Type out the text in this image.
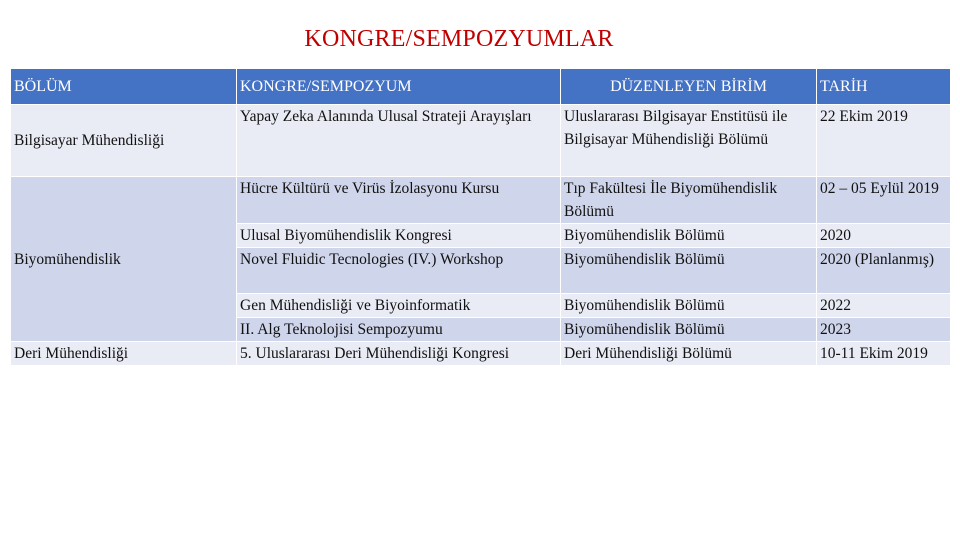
KONGRE/SEMPOZYUMLAR
BÖLÜM	KONGRE/SEMPOZYUM	DÜZENLEYEN BİRİM	TARİH
Bilgisayar Mühendisliği	Yapay Zeka Alanında Ulusal Strateji Arayışları	Uluslararası Bilgisayar Enstitüsü ile Bilgisayar Mühendisliği Bölümü	22 Ekim 2019
Biyomühendislik	Hücre Kültürü ve Virüs İzolasyonu Kursu	Tıp Fakültesi İle Biyomühendislik Bölümü	02 – 05 Eylül 2019
	Ulusal Biyomühendislik Kongresi	Biyomühendislik Bölümü	2020
	Novel Fluidic Tecnologies (IV.) Workshop	Biyomühendislik Bölümü	2020 (Planlanmış)
	Gen Mühendisliği ve Biyoinformatik	Biyomühendislik Bölümü	2022
	II. Alg Teknolojisi Sempozyumu	Biyomühendislik Bölümü	2023
Deri Mühendisliği	5. Uluslararası Deri Mühendisliği Kongresi	Deri Mühendisliği Bölümü	10-11 Ekim 2019
